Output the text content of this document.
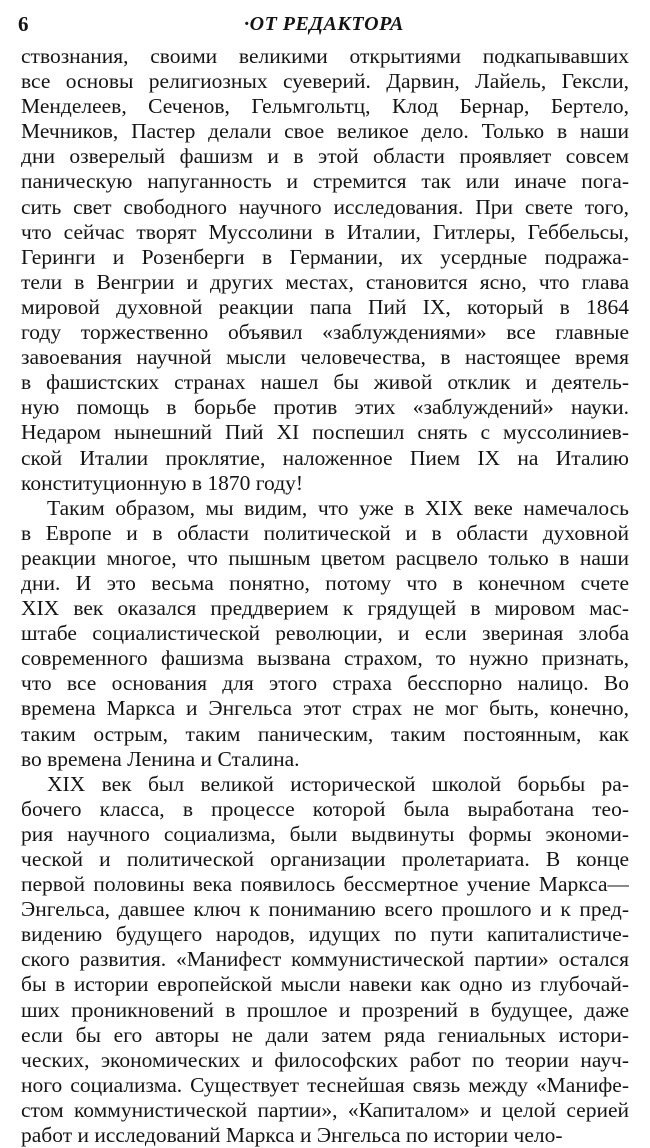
6	·ОТ РЕДАКТОРА
ствознания, своими великими открытиями подкапывавших
все основы религиозных суеверий. Дарвин, Лайель, Гексли,
Менделеев, Сеченов, Гельмгольтц, Клод Бернар, Бертело,
Мечников, Пастер делали свое великое дело. Только в наши
дни озверелый фашизм и в этой области проявляет совсем
паническую напуганность и стремится так или иначе пога-
сить свет свободного научного исследования. При свете того,
что сейчас творят Муссолини в Италии, Гитлеры, Геббельсы,
Геринги и Розенберги в Германии, их усердные подража-
тели в Венгрии и других местах, становится ясно, что глава
мировой духовной реакции папа Пий IX, который в 1864
году торжественно объявил «заблуждениями» все главные
завоевания научной мысли человечества, в настоящее время
в фашистских странах нашел бы живой отклик и деятель-
ную помощь в борьбе против этих «заблуждений» науки.
Недаром нынешний Пий XI поспешил снять с муссолиниев-
ской Италии проклятие, наложенное Пием IX на Италию
конституционную в 1870 году!
Таким образом, мы видим, что уже в XIX веке намечалось
в Европе и в области политической и в области духовной
реакции многое, что пышным цветом расцвело только в наши
дни. И это весьма понятно, потому что в конечном счете
XIX век оказался преддверием к грядущей в мировом мас-
штабе социалистической революции, и если звериная злоба
современного фашизма вызвана страхом, то нужно признать,
что все основания для этого страха бесспорно налицо. Во
времена Маркса и Энгельса этот страх не мог быть, конечно,
таким острым, таким паническим, таким постоянным, как
во времена Ленина и Сталина.
XIX век был великой исторической школой борьбы ра-
бочего класса, в процессе которой была выработана тео-
рия научного социализма, были выдвинуты формы экономи-
ческой и политической организации пролетариата. В конце
первой половины века появилось бессмертное учение Маркса—
Энгельса, давшее ключ к пониманию всего прошлого и к пред-
видению будущего народов, идущих по пути капиталистиче-
ского развития. «Манифест коммунистической партии» остался
бы в истории европейской мысли навеки как одно из глубочай-
ших проникновений в прошлое и прозрений в будущее, даже
если бы его авторы не дали затем ряда гениальных истори-
ческих, экономических и философских работ по теории науч-
ного социализма. Существует теснейшая связь между «Манифе-
стом коммунистической партии», «Капиталом» и целой серией
работ и исследований Маркса и Энгельса по истории чело-
